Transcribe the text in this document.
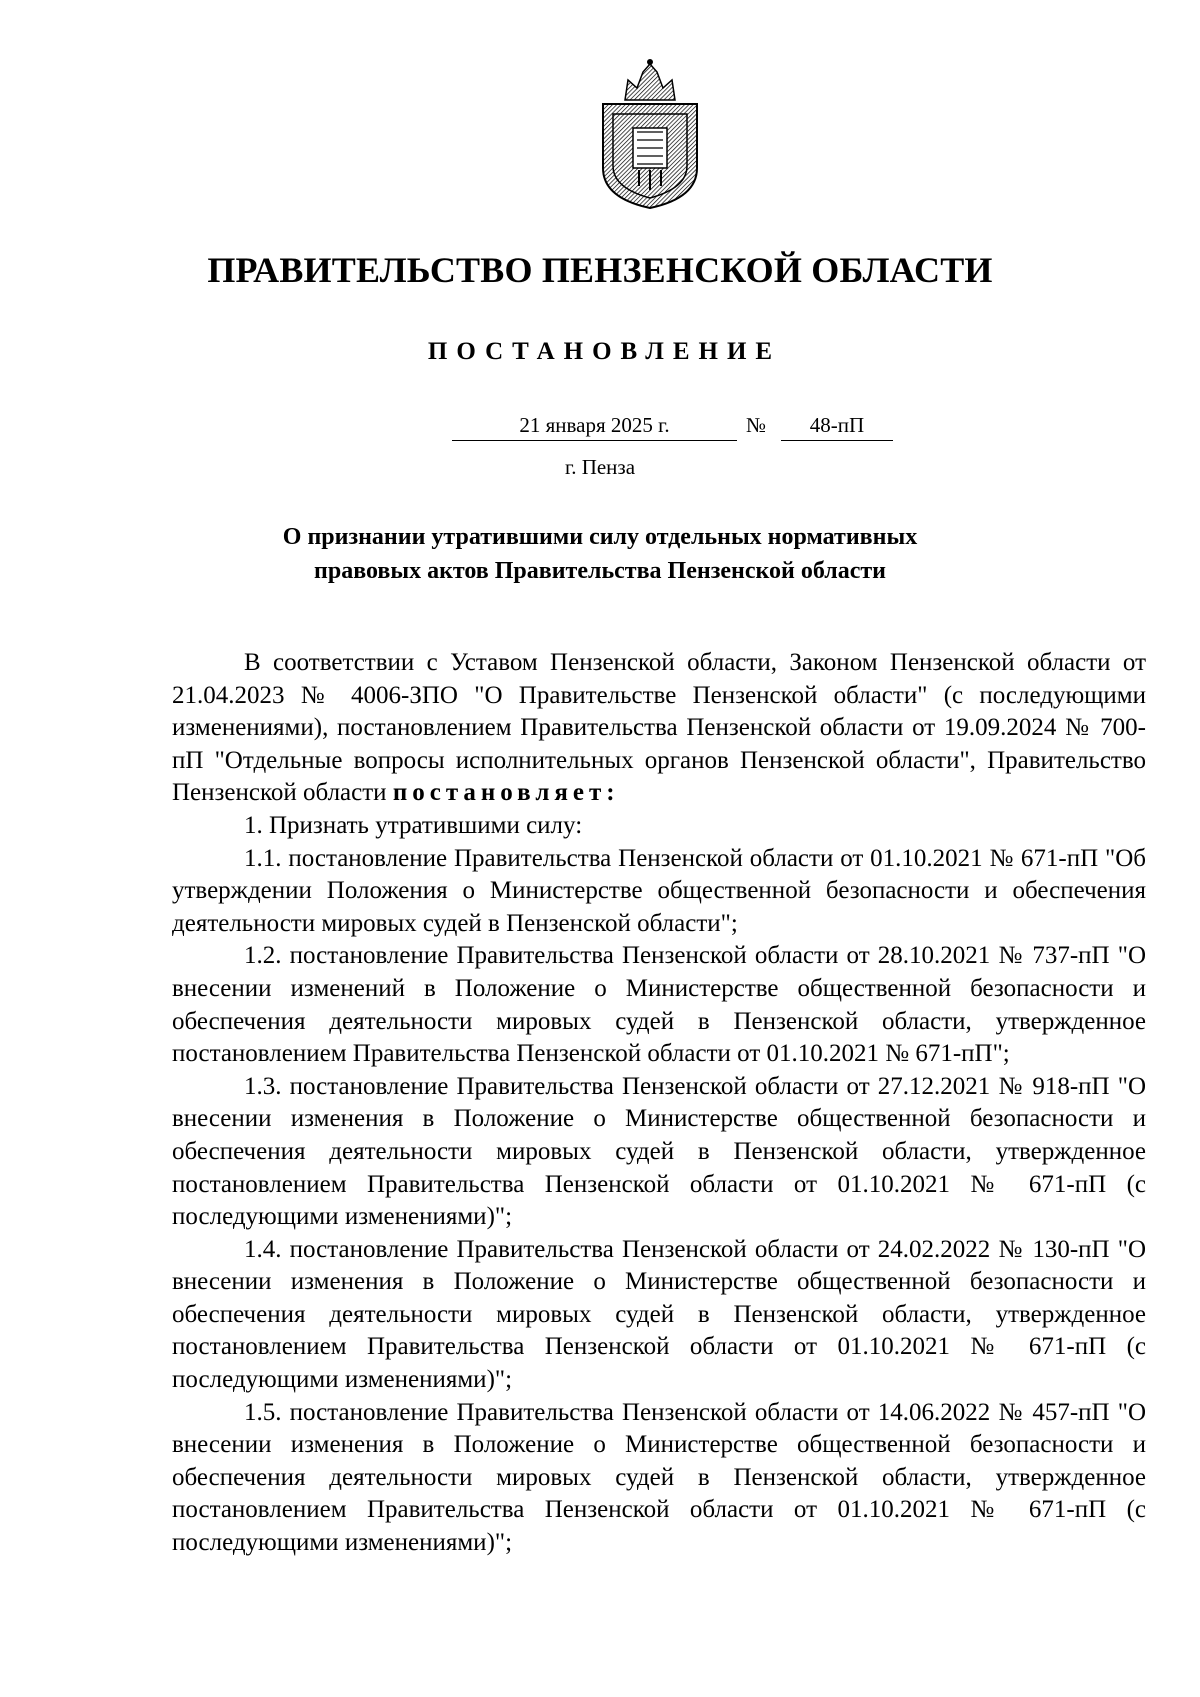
ПРАВИТЕЛЬСТВО ПЕНЗЕНСКОЙ ОБЛАСТИ
ПОСТАНОВЛЕНИЕ
21 января 2025 г.	№	48-пП
г. Пенза
О признании утратившими силу отдельных нормативных
правовых актов Правительства Пензенской области

В соответствии с Уставом Пензенской области, Законом Пензенской области от 21.04.2023 № 4006-ЗПО "О Правительстве Пензенской области" (с последующими изменениями), постановлением Правительства Пензенской области от 19.09.2024 № 700-пП "Отдельные вопросы исполнительных органов Пензенской области", Правительство Пензенской области постановляет:

1. Признать утратившими силу:

1.1. постановление Правительства Пензенской области от 01.10.2021 № 671-пП "Об утверждении Положения о Министерстве общественной безопасности и обеспечения деятельности мировых судей в Пензенской области";

1.2. постановление Правительства Пензенской области от 28.10.2021 № 737-пП "О внесении изменений в Положение о Министерстве общественной безопасности и обеспечения деятельности мировых судей в Пензенской области, утвержденное постановлением Правительства Пензенской области от 01.10.2021 № 671-пП";

1.3. постановление Правительства Пензенской области от 27.12.2021 № 918-пП "О внесении изменения в Положение о Министерстве общественной безопасности и обеспечения деятельности мировых судей в Пензенской области, утвержденное постановлением Правительства Пензенской области от 01.10.2021 № 671-пП (с последующими изменениями)";

1.4. постановление Правительства Пензенской области от 24.02.2022 № 130-пП "О внесении изменения в Положение о Министерстве общественной безопасности и обеспечения деятельности мировых судей в Пензенской области, утвержденное постановлением Правительства Пензенской области от 01.10.2021 № 671-пП (с последующими изменениями)";

1.5. постановление Правительства Пензенской области от 14.06.2022 № 457-пП "О внесении изменения в Положение о Министерстве общественной безопасности и обеспечения деятельности мировых судей в Пензенской области, утвержденное постановлением Правительства Пензенской области от 01.10.2021 № 671-пП (с последующими изменениями)";
